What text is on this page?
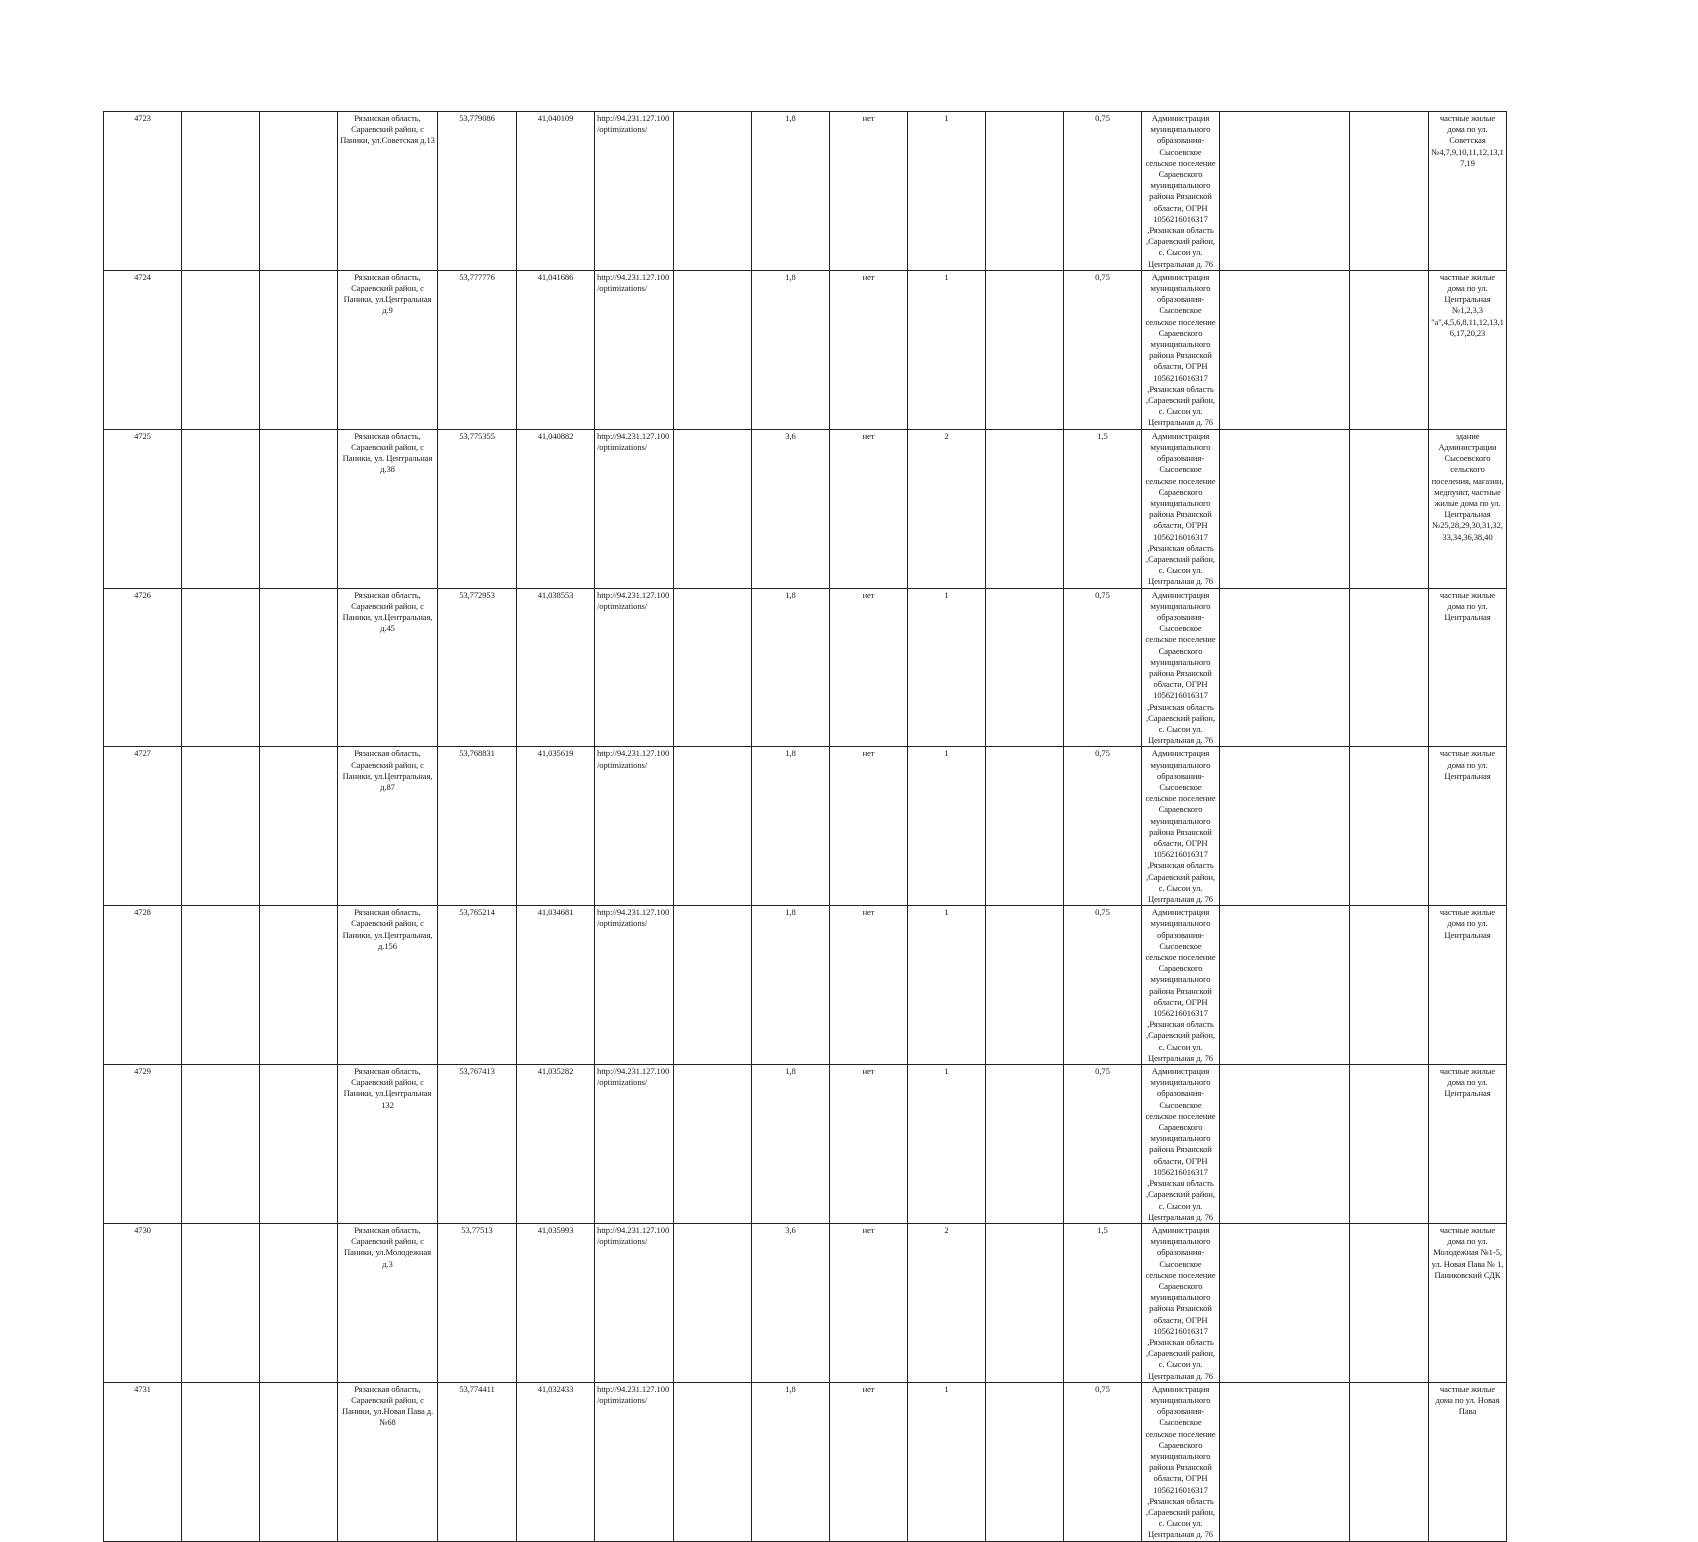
4723			Рязанская область, Сараевский район, с Паники, ул.Советская д.13	53,779086	41,040109	http://94.231.127.100/optimizations/		1,8	нет	1		0,75	Администрация муниципального образования-Сысоевское сельское поселение Сараевского муниципального района Рязанской области, ОГРН 1056216016317 ,Рязанская область ,Сараевский район, с. Сысои ул. Центральная д. 76			частные жилые дома по ул. Советская №4,7,9,10,11,12,13,17,19
4724			Рязанская область, Сараевский район, с Паники, ул.Центральная д.9	53,777776	41,041686	http://94.231.127.100/optimizations/		1,8	нет	1		0,75	Администрация муниципального образования-Сысоевское сельское поселение Сараевского муниципального района Рязанской области, ОГРН 1056216016317 ,Рязанская область ,Сараевский район, с. Сысои ул. Центральная д. 76			частные жилые дома по ул. Центральная №1,2,3,3 "а",4,5,6,8,11,12,13,16,17,20,23
4725			Рязанская область, Сараевский район, с Паники, ул. Центральная д.38	53,775355	41,040882	http://94.231.127.100/optimizations/		3,6	нет	2		1,5	Администрация муниципального образования-Сысоевское сельское поселение Сараевского муниципального района Рязанской области, ОГРН 1056216016317 ,Рязанская область ,Сараевский район, с. Сысои ул. Центральная д. 76			здание Администрации Сысоевского сельского поселения, магазин, медпункт, частные жилые дома по ул. Центральная №25,28,29,30,31,32,33,34,36,38,40
4726			Рязанская область, Сараевский район, с Паники, ул.Центральная, д.45	53,772953	41,038553	http://94.231.127.100/optimizations/		1,8	нет	1		0,75	Администрация муниципального образования-Сысоевское сельское поселение Сараевского муниципального района Рязанской области, ОГРН 1056216016317 ,Рязанская область ,Сараевский район, с. Сысои ул. Центральная д. 76			частные жилые дома по ул. Центральная
4727			Рязанская область, Сараевский район, с Паники, ул.Центральная, д.87	53,768831	41,035619	http://94.231.127.100/optimizations/		1,8	нет	1		0,75	Администрация муниципального образования-Сысоевское сельское поселение Сараевского муниципального района Рязанской области, ОГРН 1056216016317 ,Рязанская область ,Сараевский район, с. Сысои ул. Центральная д. 76			частные жилые дома по ул. Центральная
4728			Рязанская область, Сараевский район, с Паники, ул.Центральная, д.156	53,765214	41,034681	http://94.231.127.100/optimizations/		1,8	нет	1		0,75	Администрация муниципального образования-Сысоевское сельское поселение Сараевского муниципального района Рязанской области, ОГРН 1056216016317 ,Рязанская область ,Сараевский район, с. Сысои ул. Центральная д. 76			частные жилые дома по ул. Центральная
4729			Рязанская область, Сараевский район, с Паники, ул.Центральная 132	53,767413	41,035282	http://94.231.127.100/optimizations/		1,8	нет	1		0,75	Администрация муниципального образования-Сысоевское сельское поселение Сараевского муниципального района Рязанской области, ОГРН 1056216016317 ,Рязанская область ,Сараевский район, с. Сысои ул. Центральная д. 76			частные жилые дома по ул. Центральная
4730			Рязанская область, Сараевский район, с Паники, ул.Молодежная д.3	53,77513	41,035993	http://94.231.127.100/optimizations/		3,6	нет	2		1,5	Администрация муниципального образования-Сысоевское сельское поселение Сараевского муниципального района Рязанской области, ОГРН 1056216016317 ,Рязанская область ,Сараевский район, с. Сысои ул. Центральная д. 76			частные жилые дома по ул. Молодежная №1-5, ул. Новая Пава № 1, Паниковский СДК
4731			Рязанская область, Сараевский район, с Паники, ул.Новая Пава д.№68	53,774411	41,032433	http://94.231.127.100/optimizations/		1,8	нет	1		0,75	Администрация муниципального образования-Сысоевское сельское поселение Сараевского муниципального района Рязанской области, ОГРН 1056216016317 ,Рязанская область ,Сараевский район, с. Сысои ул. Центральная д. 76			частные жилые дома по ул. Новая Пава
